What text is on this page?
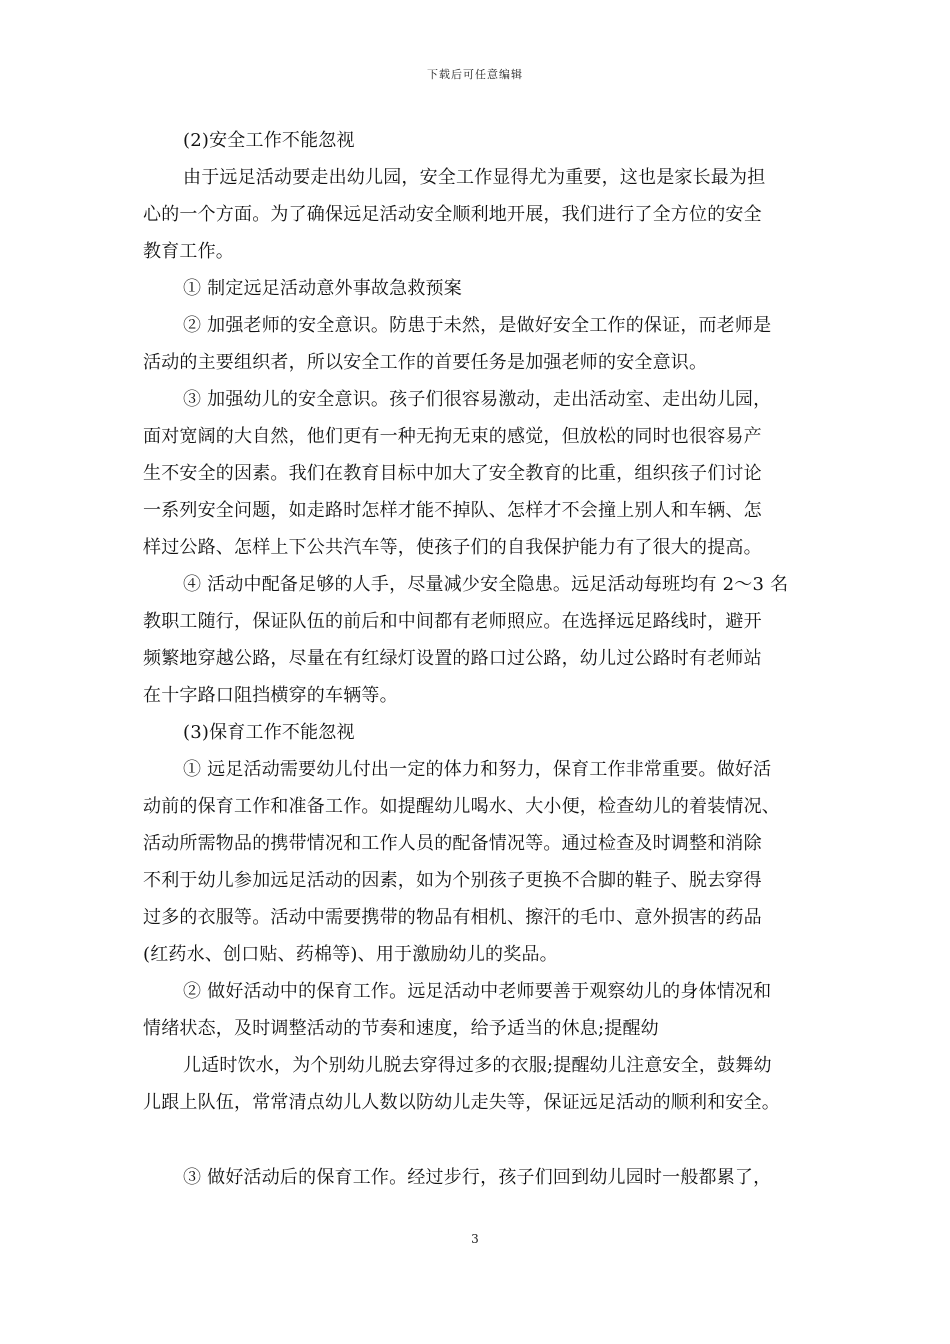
下载后可任意编辑
(2)安全工作不能忽视
由于远足活动要走出幼儿园，安全工作显得尤为重要，这也是家长最为担
心的一个方面。为了确保远足活动安全顺利地开展，我们进行了全方位的安全
教育工作。
① 制定远足活动意外事故急救预案
② 加强老师的安全意识。防患于未然，是做好安全工作的保证，而老师是
活动的主要组织者，所以安全工作的首要任务是加强老师的安全意识。
③ 加强幼儿的安全意识。孩子们很容易激动，走出活动室、走出幼儿园，
面对宽阔的大自然，他们更有一种无拘无束的感觉，但放松的同时也很容易产
生不安全的因素。我们在教育目标中加大了安全教育的比重，组织孩子们讨论
一系列安全问题，如走路时怎样才能不掉队、怎样才不会撞上别人和车辆、怎
样过公路、怎样上下公共汽车等，使孩子们的自我保护能力有了很大的提高。
④ 活动中配备足够的人手，尽量减少安全隐患。远足活动每班均有 2～3 名
教职工随行，保证队伍的前后和中间都有老师照应。在选择远足路线时，避开
频繁地穿越公路，尽量在有红绿灯设置的路口过公路，幼儿过公路时有老师站
在十字路口阻挡横穿的车辆等。
(3)保育工作不能忽视
① 远足活动需要幼儿付出一定的体力和努力，保育工作非常重要。做好活
动前的保育工作和准备工作。如提醒幼儿喝水、大小便，检查幼儿的着装情况、
活动所需物品的携带情况和工作人员的配备情况等。通过检查及时调整和消除
不利于幼儿参加远足活动的因素，如为个别孩子更换不合脚的鞋子、脱去穿得
过多的衣服等。活动中需要携带的物品有相机、擦汗的毛巾、意外损害的药品
(红药水、创口贴、药棉等)、用于激励幼儿的奖品。
② 做好活动中的保育工作。远足活动中老师要善于观察幼儿的身体情况和
情绪状态，及时调整活动的节奏和速度，给予适当的休息;提醒幼
儿适时饮水，为个别幼儿脱去穿得过多的衣服;提醒幼儿注意安全，鼓舞幼
儿跟上队伍，常常清点幼儿人数以防幼儿走失等，保证远足活动的顺利和安全。
③ 做好活动后的保育工作。经过步行，孩子们回到幼儿园时一般都累了，
3
